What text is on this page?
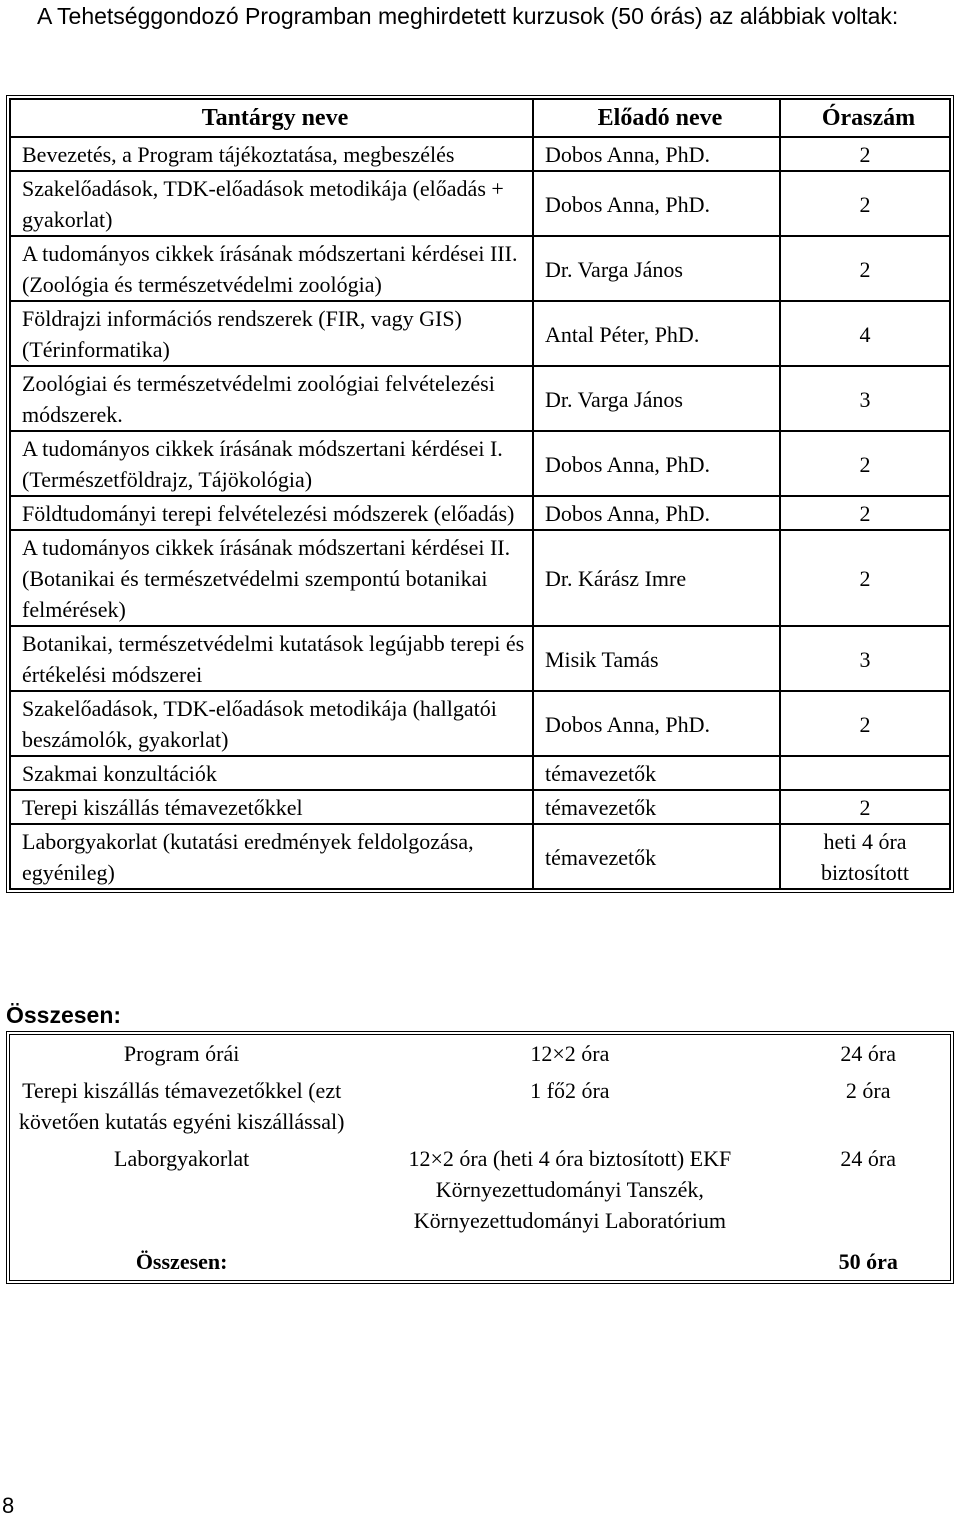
A Tehetséggondozó Programban meghirdetett kurzusok (50 órás) az alábbiak voltak:
Tantárgy neve	Előadó neve	Óraszám
Bevezetés, a Program tájékoztatása, megbeszélés	Dobos Anna, PhD.	2
Szakelőadások, TDK-előadások metodikája (előadás + gyakorlat)	Dobos Anna, PhD.	2
A tudományos cikkek írásának módszertani kérdései III. (Zoológia és természetvédelmi zoológia)	Dr. Varga János	2
Földrajzi információs rendszerek (FIR, vagy GIS) (Térinformatika)	Antal Péter, PhD.	4
Zoológiai és természetvédelmi zoológiai felvételezési módszerek.	Dr. Varga János	3
A tudományos cikkek írásának módszertani kérdései I. (Természetföldrajz, Tájökológia)	Dobos Anna, PhD.	2
Földtudományi terepi felvételezési módszerek (előadás)	Dobos Anna, PhD.	2
A tudományos cikkek írásának módszertani kérdései II. (Botanikai és természetvédelmi szempontú botanikai felmérések)	Dr. Kárász Imre	2
Botanikai, természetvédelmi kutatások legújabb terepi és értékelési módszerei	Misik Tamás	3
Szakelőadások, TDK-előadások metodikája (hallgatói beszámolók, gyakorlat)	Dobos Anna, PhD.	2
Szakmai konzultációk	témavezetők	
Terepi kiszállás témavezetőkkel	témavezetők	2
Laborgyakorlat (kutatási eredmények feldolgozása, egyénileg)	témavezetők	heti 4 óra biztosított
Összesen:
Program órái	12×2 óra	24 óra
Terepi kiszállás témavezetőkkel (ezt követően kutatás egyéni kiszállással)	1 fő2 óra	2 óra
Laborgyakorlat	12×2 óra (heti 4 óra biztosított) EKF Környezettudományi Tanszék, Környezettudományi Laboratórium	24 óra
Összesen:		50 óra
8
